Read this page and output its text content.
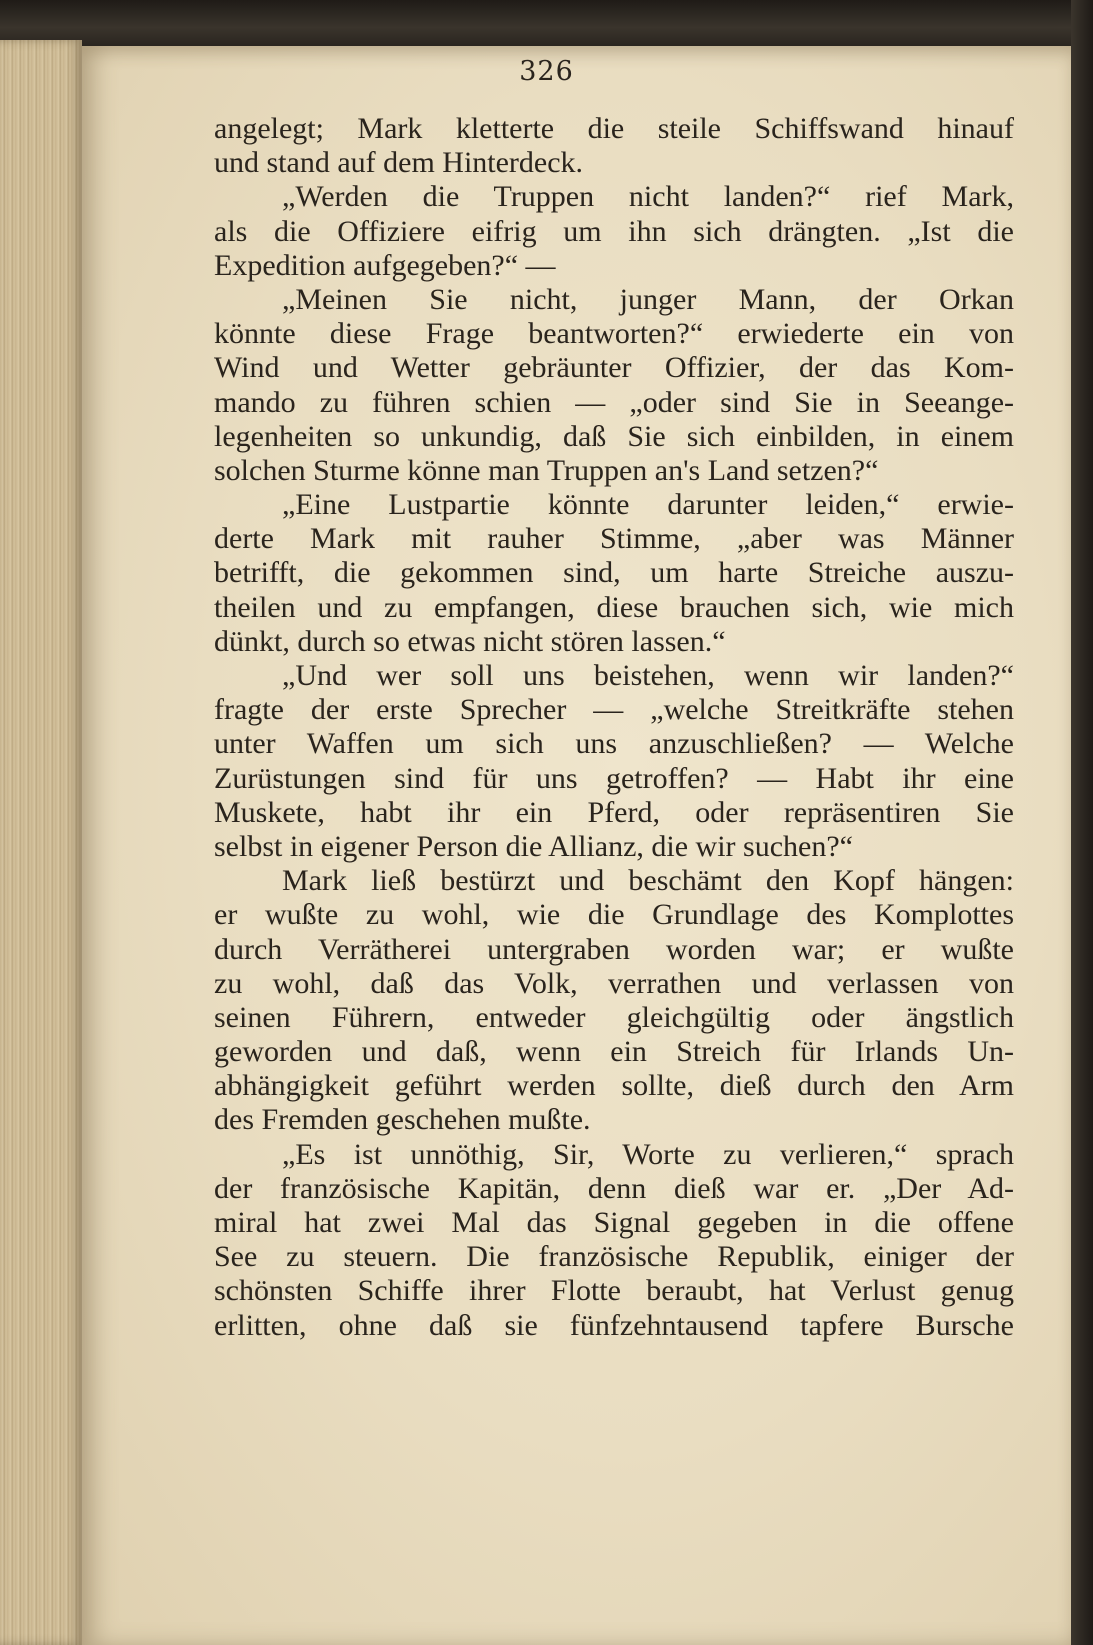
326
angelegt; Mark kletterte die steile Schiffswand hinauf
und stand auf dem Hinterdeck.
„Werden die Truppen nicht landen?“ rief Mark,
als die Offiziere eifrig um ihn sich drängten. „Ist die
Expedition aufgegeben?“ —
„Meinen Sie nicht, junger Mann, der Orkan
könnte diese Frage beantworten?“ erwiederte ein von
Wind und Wetter gebräunter Offizier, der das Kom-
mando zu führen schien — „oder sind Sie in Seeange-
legenheiten so unkundig, daß Sie sich einbilden, in einem
solchen Sturme könne man Truppen an's Land setzen?“
„Eine Lustpartie könnte darunter leiden,“ erwie-
derte Mark mit rauher Stimme, „aber was Männer
betrifft, die gekommen sind, um harte Streiche auszu-
theilen und zu empfangen, diese brauchen sich, wie mich
dünkt, durch so etwas nicht stören lassen.“
„Und wer soll uns beistehen, wenn wir landen?“
fragte der erste Sprecher — „welche Streitkräfte stehen
unter Waffen um sich uns anzuschließen? — Welche
Zurüstungen sind für uns getroffen? — Habt ihr eine
Muskete, habt ihr ein Pferd, oder repräsentiren Sie
selbst in eigener Person die Allianz, die wir suchen?“
Mark ließ bestürzt und beschämt den Kopf hängen:
er wußte zu wohl, wie die Grundlage des Komplottes
durch Verrätherei untergraben worden war; er wußte
zu wohl, daß das Volk, verrathen und verlassen von
seinen Führern, entweder gleichgültig oder ängstlich
geworden und daß, wenn ein Streich für Irlands Un-
abhängigkeit geführt werden sollte, dieß durch den Arm
des Fremden geschehen mußte.
„Es ist unnöthig, Sir, Worte zu verlieren,“ sprach
der französische Kapitän, denn dieß war er. „Der Ad-
miral hat zwei Mal das Signal gegeben in die offene
See zu steuern. Die französische Republik, einiger der
schönsten Schiffe ihrer Flotte beraubt, hat Verlust genug
erlitten, ohne daß sie fünfzehntausend tapfere Bursche
